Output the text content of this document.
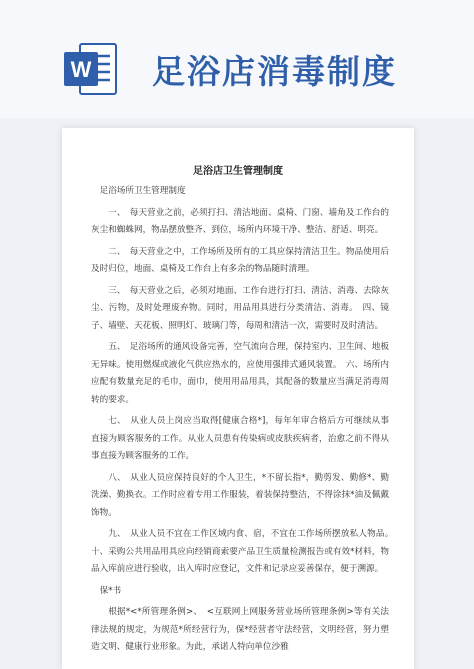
W 足浴店消毒制度
足浴店卫生管理制度

足浴场所卫生管理制度

一、　每天营业之前，必须打扫、清洁地面、桌椅、门窗、墙角及工作台的灰尘和蜘蛛网，物品摆放整齐、到位，场所内环境干净、整洁、舒适、明亮。

二、　每天营业之中，工作场所及所有的工具应保持清洁卫生。物品使用后及时归位，地面、桌椅及工作台上有多余的物品随时清理。

三、　每天营业之后，必须对地面、工作台进行打扫、清洁、消毒、去除灰尘、污物，及时处理废弃物。同时，用品用具进行分类清洁、消毒。　四、镜子、墙壁、天花板、照明灯、玻璃门等，每周和清洁一次，需要时及时清洁。

五、　足浴场所的通风设备完善，空气流向合理，保持室内、卫生间、地板无异味。使用燃煤或液化气供应热水的，应使用强排式通风装置。　六、场所内应配有数量充足的毛巾，面巾，使用用品用具，其配备的数量应当满足消毒周转的要求。

七、　从业人员上岗应当取得[健康合格*]，每年年审合格后方可继续从事直接为顾客服务的工作。从业人员患有传染病或皮肤疾病者，治愈之前不得从事直接为顾客服务的工作。

八、　从业人员应保持良好的个人卫生，*不留长指*，勤剪发、勤修*、勤洗澡、勤换衣。工作时应着专用工作服装，着装保持整洁，不得涂抹*油及佩戴饰物。

九、　从业人员不宜在工作区域内食、宿，不宜在工作场所摆放私人物品。　十、采购公共用品用具应向经销商索要产品卫生质量检测报告或有效*材料，物品入库前应进行验收，出入库时应登记，文件和记录应妥善保存，便于溯源。

保*书

根据*<*所管理条例>、　<互联网上网服务营业场所管理条例>等有关法律法规的规定，为规范*所经营行为，保*经营者守法经营，文明经营，努力塑造文明、健康行业形象。为此，承诺人特向单位沙雅
